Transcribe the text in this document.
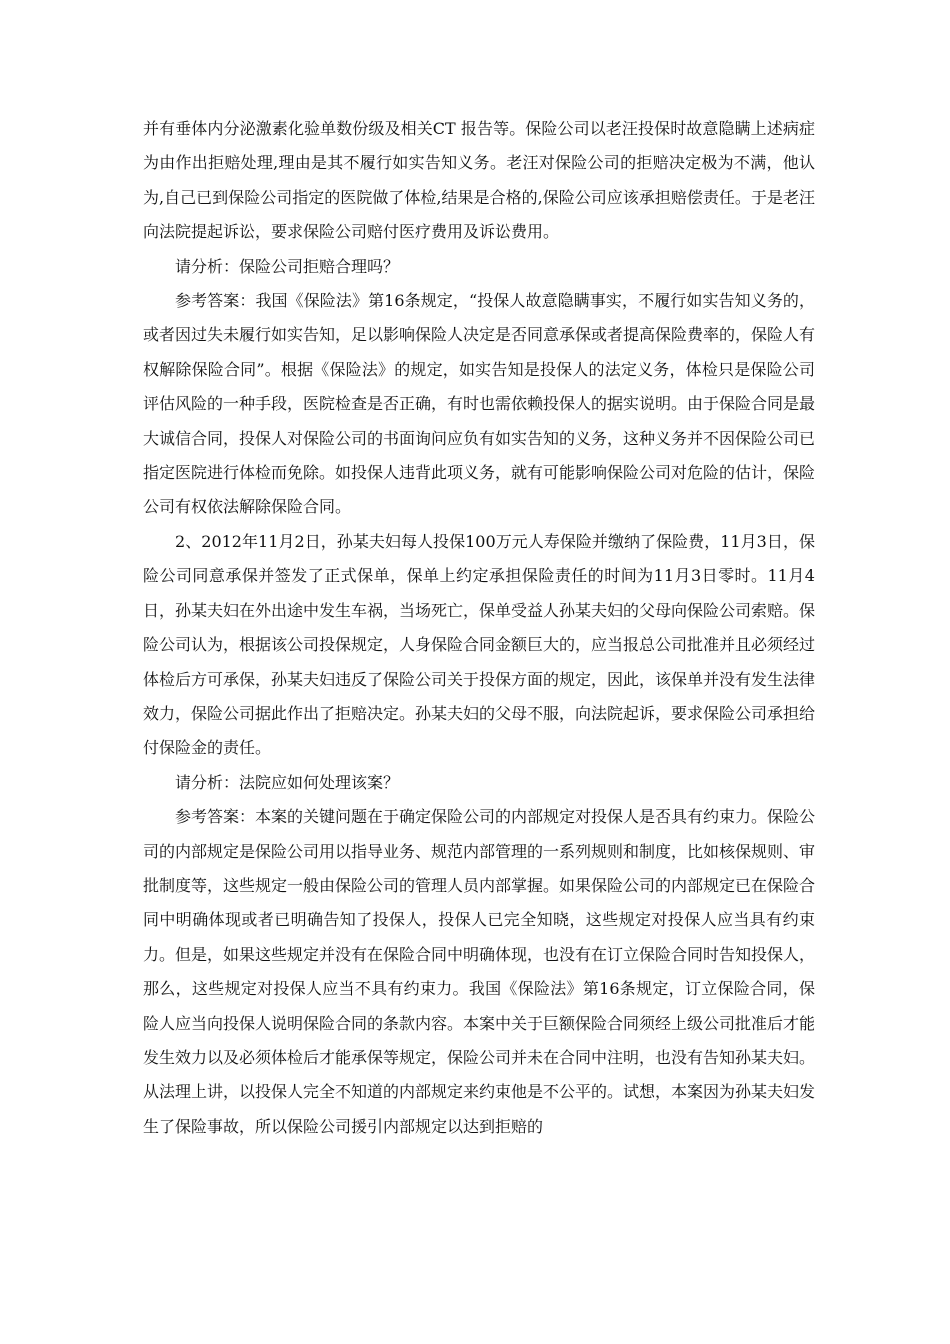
并有垂体内分泌激素化验单数份级及相关CT 报告等。保险公司以老汪投保时故意隐瞒上述病症为由作出拒赔处理,理由是其不履行如实告知义务。老汪对保险公司的拒赔决定极为不满，他认为,自己已到保险公司指定的医院做了体检,结果是合格的,保险公司应该承担赔偿责任。于是老汪向法院提起诉讼，要求保险公司赔付医疗费用及诉讼费用。

请分析：保险公司拒赔合理吗？

参考答案：我国《保险法》第16条规定，“投保人故意隐瞒事实，不履行如实告知义务的，或者因过失未履行如实告知，足以影响保险人决定是否同意承保或者提高保险费率的，保险人有权解除保险合同”。根据《保险法》的规定，如实告知是投保人的法定义务，体检只是保险公司评估风险的一种手段，医院检查是否正确，有时也需依赖投保人的据实说明。由于保险合同是最大诚信合同，投保人对保险公司的书面询问应负有如实告知的义务，这种义务并不因保险公司已指定医院进行体检而免除。如投保人违背此项义务，就有可能影响保险公司对危险的估计，保险公司有权依法解除保险合同。

2、2012年11月2日，孙某夫妇每人投保100万元人寿保险并缴纳了保险费，11月3日，保险公司同意承保并签发了正式保单，保单上约定承担保险责任的时间为11月3日零时。11月4日，孙某夫妇在外出途中发生车祸，当场死亡，保单受益人孙某夫妇的父母向保险公司索赔。保险公司认为，根据该公司投保规定，人身保险合同金额巨大的，应当报总公司批准并且必须经过体检后方可承保，孙某夫妇违反了保险公司关于投保方面的规定，因此，该保单并没有发生法律效力，保险公司据此作出了拒赔决定。孙某夫妇的父母不服，向法院起诉，要求保险公司承担给付保险金的责任。

请分析：法院应如何处理该案？

参考答案：本案的关键问题在于确定保险公司的内部规定对投保人是否具有约束力。保险公司的内部规定是保险公司用以指导业务、规范内部管理的一系列规则和制度，比如核保规则、审批制度等，这些规定一般由保险公司的管理人员内部掌握。如果保险公司的内部规定已在保险合同中明确体现或者已明确告知了投保人，投保人已完全知晓，这些规定对投保人应当具有约束力。但是，如果这些规定并没有在保险合同中明确体现，也没有在订立保险合同时告知投保人，那么，这些规定对投保人应当不具有约束力。我国《保险法》第16条规定，订立保险合同，保险人应当向投保人说明保险合同的条款内容。本案中关于巨额保险合同须经上级公司批准后才能发生效力以及必须体检后才能承保等规定，保险公司并未在合同中注明，也没有告知孙某夫妇。从法理上讲，以投保人完全不知道的内部规定来约束他是不公平的。试想，本案因为孙某夫妇发生了保险事故，所以保险公司援引内部规定以达到拒赔的
